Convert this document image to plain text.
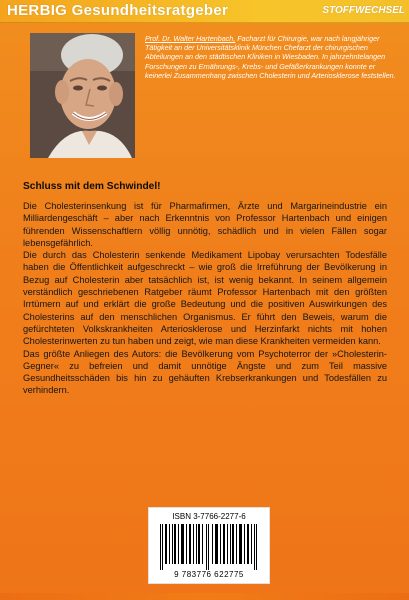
HERBIG Gesundheitsratgeber	STOFFWECHSEL

Prof. Dr. Walter Hartenbach, Facharzt für Chirurgie, war nach langjähriger Tätigkeit an der Universitätsklinik München Chefarzt der chirurgischen Abteilungen an den städtischen Kliniken in Wiesbaden. In jahrzehntelangen Forschungen zu Ernährungs-, Krebs- und Gefäßerkrankungen konnte er keinerlei Zusammenhang zwischen Cholesterin und Arteriosklerose feststellen.

Schluss mit dem Schwindel!

Die Cholesterinsenkung ist für Pharmafirmen, Ärzte und Margarineindustrie ein Milliardengeschäft – aber nach Erkenntnis von Professor Hartenbach und einigen führenden Wissenschaftlern völlig unnötig, schädlich und in vielen Fällen sogar lebensgefährlich.

Die durch das Cholesterin senkende Medikament Lipobay verursachten Todesfälle haben die Öffentlichkeit aufgeschreckt – wie groß die Irreführung der Bevölkerung in Bezug auf Cholesterin aber tatsächlich ist, ist wenig bekannt. In seinem allgemein verständlich geschriebenen Ratgeber räumt Professor Hartenbach mit den größten Irrtümern auf und erklärt die große Bedeutung und die positiven Auswirkungen des Cholesterins auf den menschlichen Organismus. Er führt den Beweis, warum die gefürchteten Volkskrankheiten Arteriosklerose und Herzinfarkt nichts mit hohen Cholesterinwerten zu tun haben und zeigt, wie man diese Krankheiten vermeiden kann.

Das größte Anliegen des Autors: die Bevölkerung vom Psychoterror der »Cholesterin-Gegner« zu befreien und damit unnötige Ängste und zum Teil massive Gesundheitsschäden bis hin zu gehäuften Krebserkrankungen und Todesfällen zu verhindern.

ISBN 3-7766-2277-6
9 783776 622775
